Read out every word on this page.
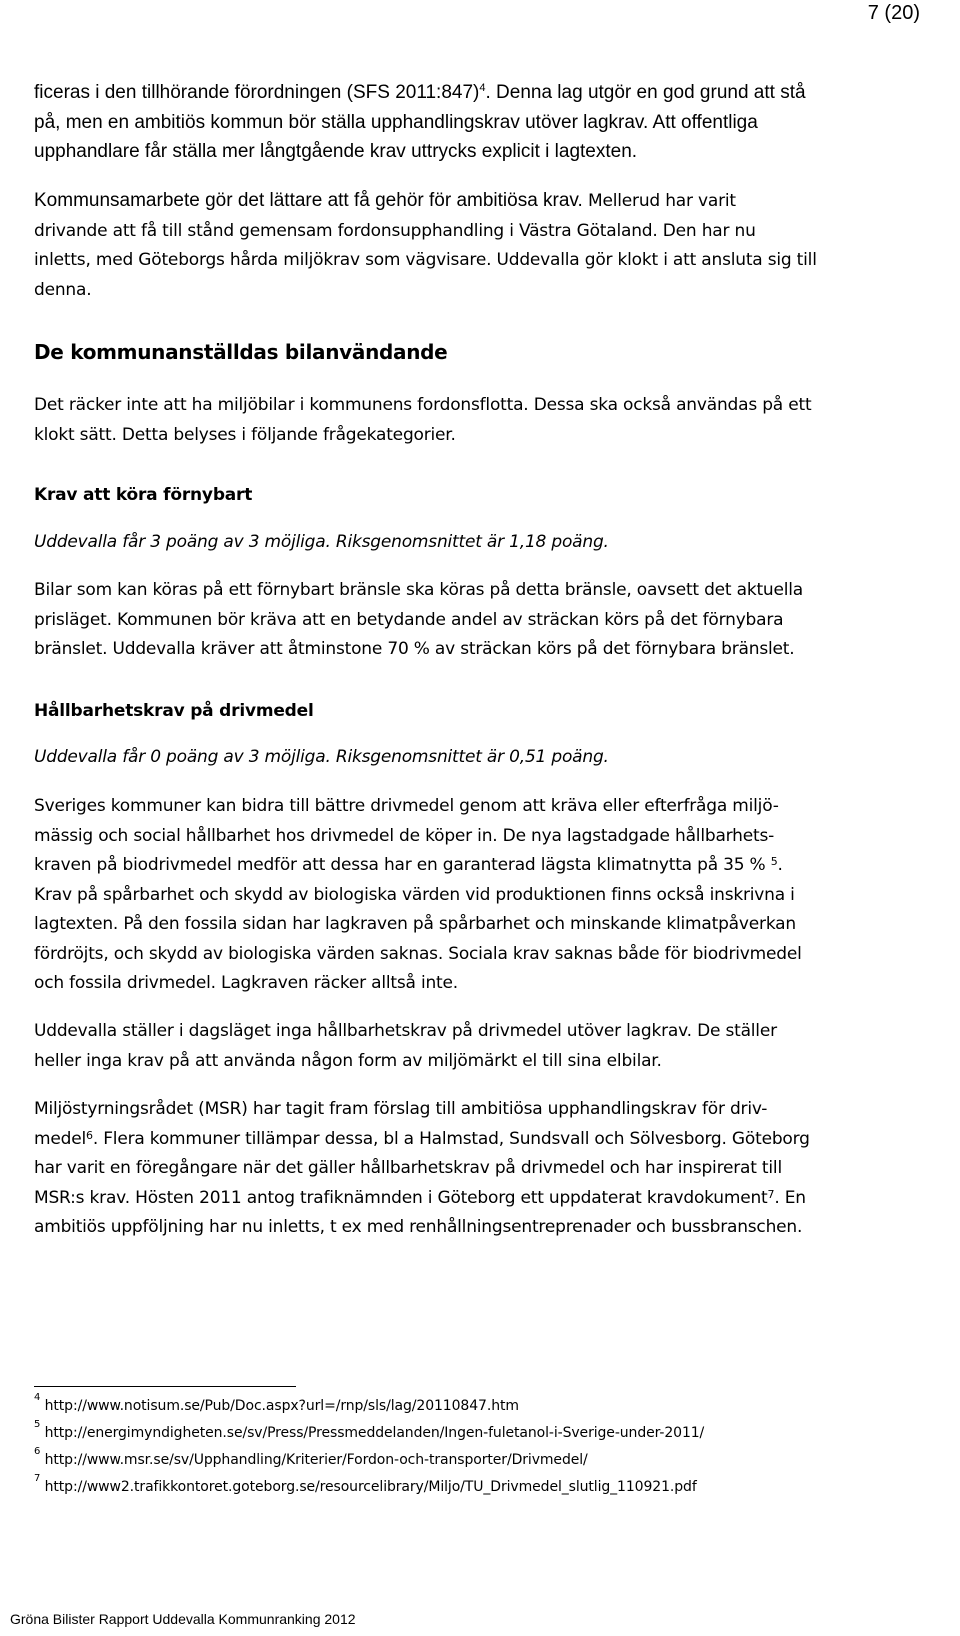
7 (20)

ficeras i den tillhörande förordningen (SFS 2011:847)$^4$. Denna lag utgör en god grund att stå

på, men en ambitiös kommun bör ställa upphandlingskrav utöver lagkrav. Att offentliga

upphandlare får ställa mer långtgående krav uttrycks explicit i lagtexten.

Kommunsamarbete gör det lättare att få gehör för ambitiösa krav. Mellerud har varit

drivande att få till stånd gemensam fordonsupphandling i Västra Götaland. Den har nu

inletts, med Göteborgs hårda miljökrav som vägvisare. Uddevalla gör klokt i att ansluta sig till

denna.

De kommunanställdas bilanvändande

Det räcker inte att ha miljöbilar i kommunens fordonsflotta. Dessa ska också användas på ett

klokt sätt. Detta belyses i följande frågekategorier.

Krav att köra förnybart

Uddevalla får 3 poäng av 3 möjliga. Riksgenomsnittet är 1,18 poäng.

Bilar som kan köras på ett förnybart bränsle ska köras på detta bränsle, oavsett det aktuella

prisläget. Kommunen bör kräva att en betydande andel av sträckan körs på det förnybara

bränslet. Uddevalla kräver att åtminstone 70 % av sträckan körs på det förnybara bränslet.

Hållbarhetskrav på drivmedel

Uddevalla får 0 poäng av 3 möjliga. Riksgenomsnittet är 0,51 poäng.

Sveriges kommuner kan bidra till bättre drivmedel genom att kräva eller efterfråga miljö-

mässig och social hållbarhet hos drivmedel de köper in. De nya lagstadgade hållbarhets-

kraven på biodrivmedel medför att dessa har en garanterad lägsta klimatnytta på 35 % $^5$.

Krav på spårbarhet och skydd av biologiska värden vid produktionen finns också inskrivna i

lagtexten. På den fossila sidan har lagkraven på spårbarhet och minskande klimatpåverkan

fördröjts, och skydd av biologiska värden saknas. Sociala krav saknas både för biodrivmedel

och fossila drivmedel. Lagkraven räcker alltså inte.

Uddevalla ställer i dagsläget inga hållbarhetskrav på drivmedel utöver lagkrav. De ställer

heller inga krav på att använda någon form av miljömärkt el till sina elbilar.

Miljöstyrningsrådet (MSR) har tagit fram förslag till ambitiösa upphandlingskrav för driv-

medel$^6$. Flera kommuner tillämpar dessa, bl a Halmstad, Sundsvall och Sölvesborg. Göteborg

har varit en föregångare när det gäller hållbarhetskrav på drivmedel och har inspirerat till

MSR:s krav. Hösten 2011 antog trafiknämnden i Göteborg ett uppdaterat kravdokument$^7$. En

ambitiös uppföljning har nu inletts, t ex med renhållningsentreprenader och bussbranschen.

$^4$ http://www.notisum.se/Pub/Doc.aspx?url=/rnp/sls/lag/20110847.htm
$^5$ http://energimyndigheten.se/sv/Press/Pressmeddelanden/Ingen-fuletanol-i-Sverige-under-2011/
$^6$ http://www.msr.se/sv/Upphandling/Kriterier/Fordon-och-transporter/Drivmedel/
$^7$ http://www2.trafikkontoret.goteborg.se/resourcelibrary/Miljo/TU_Drivmedel_slutlig_110921.pdf
Gröna Bilister Rapport Uddevalla Kommunranking 2012
